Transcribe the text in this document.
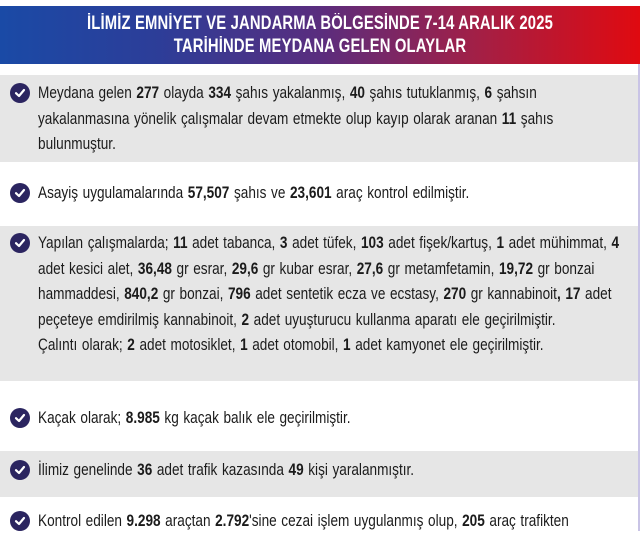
İLİMİZ EMNİYET VE JANDARMA BÖLGESİNDE 7-14 ARALIK 2025
TARİHİNDE MEYDANA GELEN OLAYLAR
Meydana gelen 277 olayda 334 şahıs yakalanmış, 40 şahıs tutuklanmış, 6 şahsın yakalanmasına yönelik çalışmalar devam etmekte olup kayıp olarak aranan 11 şahıs bulunmuştur.
Asayiş uygulamalarında 57,507 şahıs ve 23,601 araç kontrol edilmiştir.
Yapılan çalışmalarda; 11 adet tabanca, 3 adet tüfek, 103 adet fişek/kartuş, 1 adet mühimmat, 4 adet kesici alet, 36,48 gr esrar, 29,6 gr kubar esrar, 27,6 gr metamfetamin, 19,72 gr bonzai hammaddesi, 840,2 gr bonzai, 796 adet sentetik ecza ve ecstasy, 270 gr kannabinoit, 17 adet peçeteye emdirilmiş kannabinoit, 2 adet uyuşturucu kullanma aparatı ele geçirilmiştir.
Çalıntı olarak; 2 adet motosiklet, 1 adet otomobil, 1 adet kamyonet ele geçirilmiştir.
Kaçak olarak; 8.985 kg kaçak balık ele geçirilmiştir.
İlimiz genelinde 36 adet trafik kazasında 49 kişi yaralanmıştır.
Kontrol edilen 9.298 araçtan 2.792'sine cezai işlem uygulanmış olup, 205 araç trafikten
